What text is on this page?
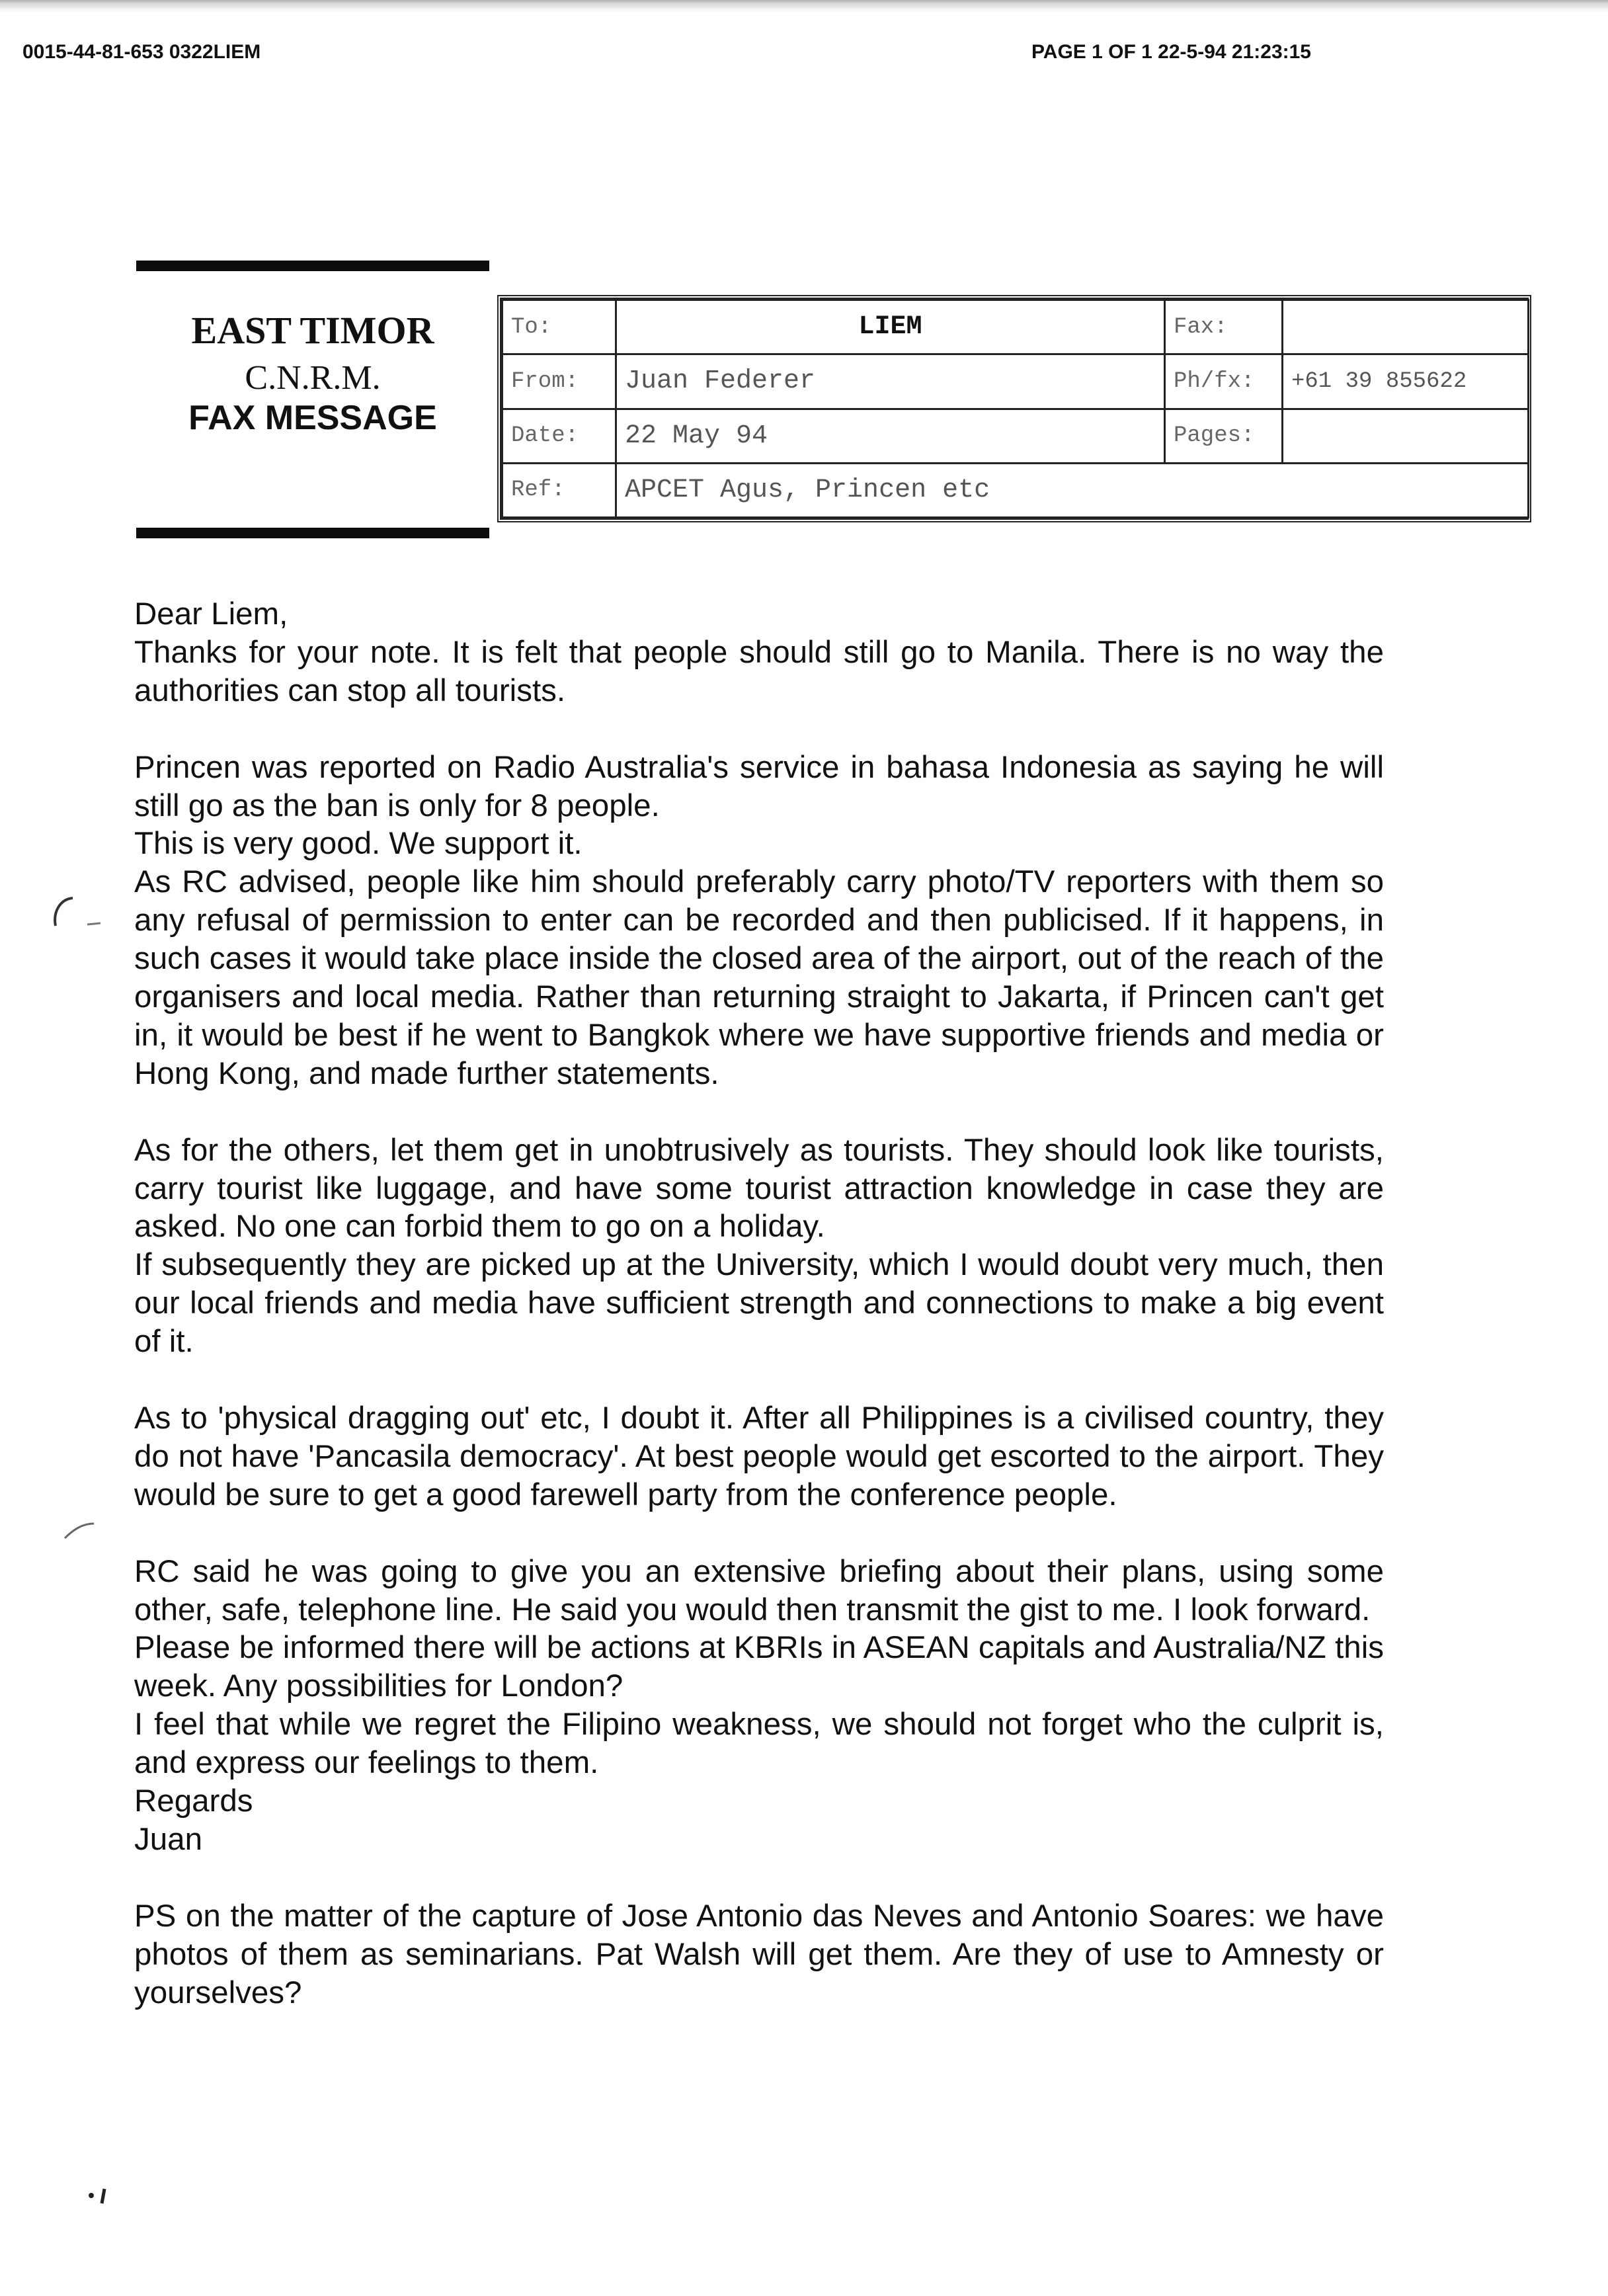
0015-44-81-653 0322LIEM	PAGE 1 OF 1 22-5-94 21:23:15
EAST TIMOR
C.N.R.M.
FAX MESSAGE
To:	LIEM	Fax:	
From:	Juan Federer	Ph/fx:	+61 39 855622
Date:	22 May 94	Pages:	
Ref:	APCET Agus, Princen etc		

Dear Liem,

Thanks for your note. It is felt that people should still go to Manila. There is no way the authorities can stop all tourists.

Princen was reported on Radio Australia's service in bahasa Indonesia as saying he will still go as the ban is only for 8 people.

This is very good. We support it.

As RC advised, people like him should preferably carry photo/TV reporters with them so any refusal of permission to enter can be recorded and then publicised. If it happens, in such cases it would take place inside the closed area of the airport, out of the reach of the organisers and local media. Rather than returning straight to Jakarta, if Princen can't get in, it would be best if he went to Bangkok where we have supportive friends and media or Hong Kong, and made further statements.

As for the others, let them get in unobtrusively as tourists. They should look like tourists, carry tourist like luggage, and have some tourist attraction knowledge in case they are asked. No one can forbid them to go on a holiday.

If subsequently they are picked up at the University, which I would doubt very much, then our local friends and media have sufficient strength and connections to make a big event of it.

As to 'physical dragging out' etc, I doubt it. After all Philippines is a civilised country, they do not have 'Pancasila democracy'. At best people would get escorted to the airport. They would be sure to get a good farewell party from the conference people.

RC said he was going to give you an extensive briefing about their plans, using some other, safe, telephone line. He said you would then transmit the gist to me. I look forward.

Please be informed there will be actions at KBRIs in ASEAN capitals and Australia/NZ this week. Any possibilities for London?

I feel that while we regret the Filipino weakness, we should not forget who the culprit is, and express our feelings to them.

Regards

Juan

PS on the matter of the capture of Jose Antonio das Neves and Antonio Soares: we have photos of them as seminarians. Pat Walsh will get them. Are they of use to Amnesty or yourselves?
